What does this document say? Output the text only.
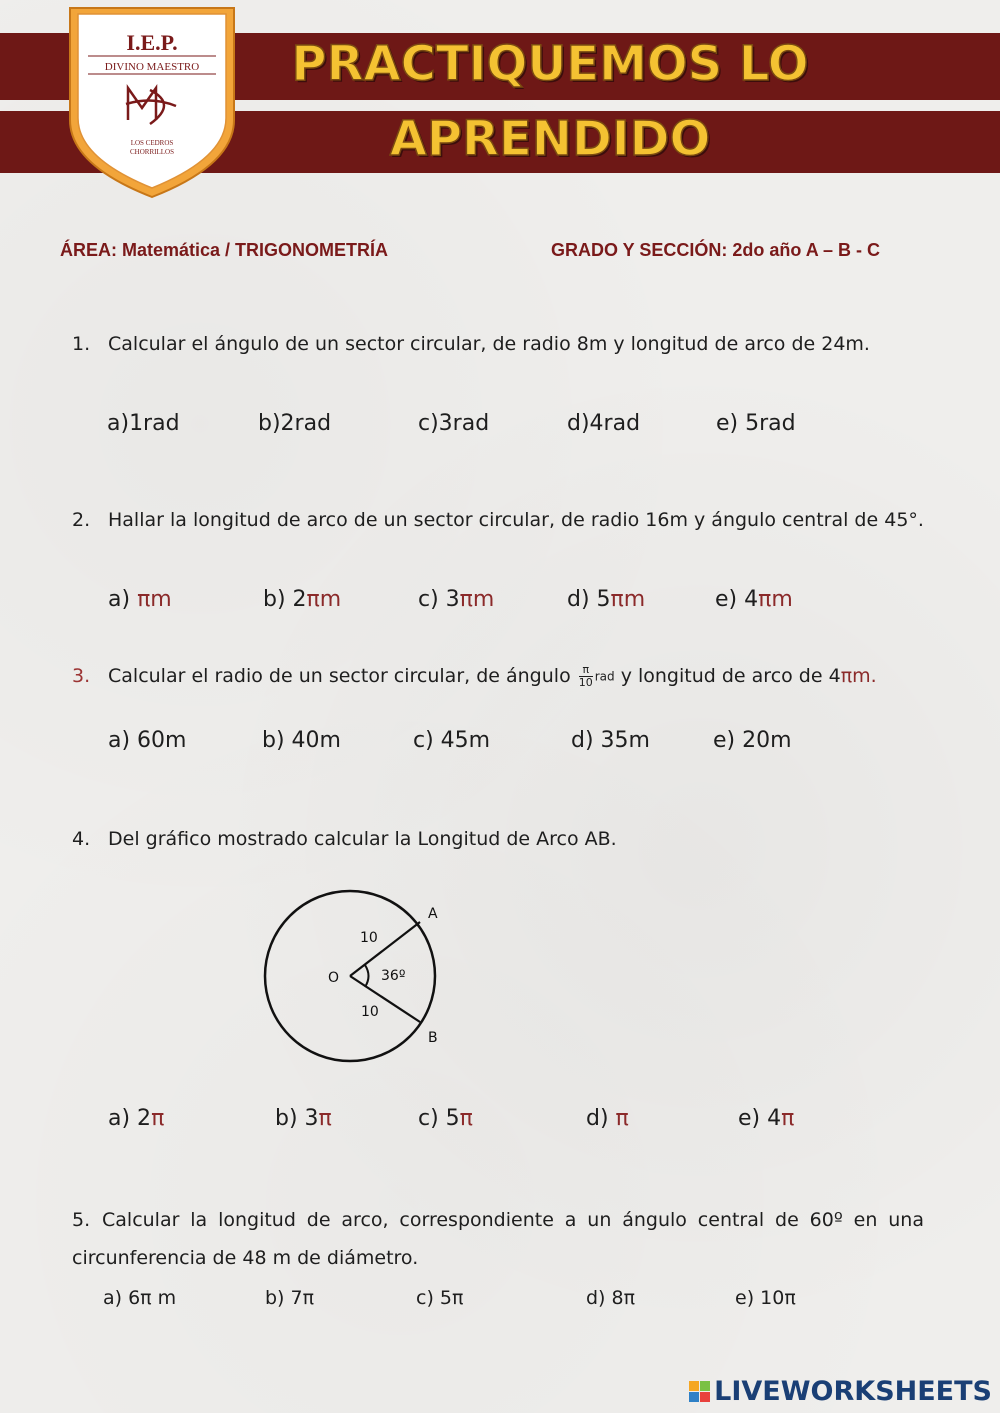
PRACTIQUEMOS LO
APRENDIDO
I.E.P.
DIVINO MAESTRO
LOS CEDROS
CHORRILLOS
ÁREA: Matemática / TRIGONOMETRÍA	GRADO Y SECCIÓN: 2do año A – B - C
1. Calcular el ángulo de un sector circular, de radio 8m y longitud de arco de 24m.
a)1rad	b)2rad	c)3rad	d)4rad	e) 5rad
2. Hallar la longitud de arco de un sector circular, de radio 16m y ángulo central de 45°.
a) πm	b) 2πm	c) 3πm	d) 5πm	e) 4πm
3. Calcular el radio de un sector circular, de ángulo $\frac{\pi}{10}$ rad y longitud de arco de 4πm.
a) 60m	b) 40m	c) 45m	d) 35m	e) 20m
4. Del gráfico mostrado calcular la Longitud de Arco AB.
A
B
O
10
10
36º
a) 2π	b) 3π	c) 5π	d) π	e) 4π
5. Calcular la longitud de arco, correspondiente a un ángulo central de 60º en una circunferencia de 48 m de diámetro.
a) 6π m	b) 7π	c) 5π	d) 8π	e) 10π
LIVEWORKSHEETS
